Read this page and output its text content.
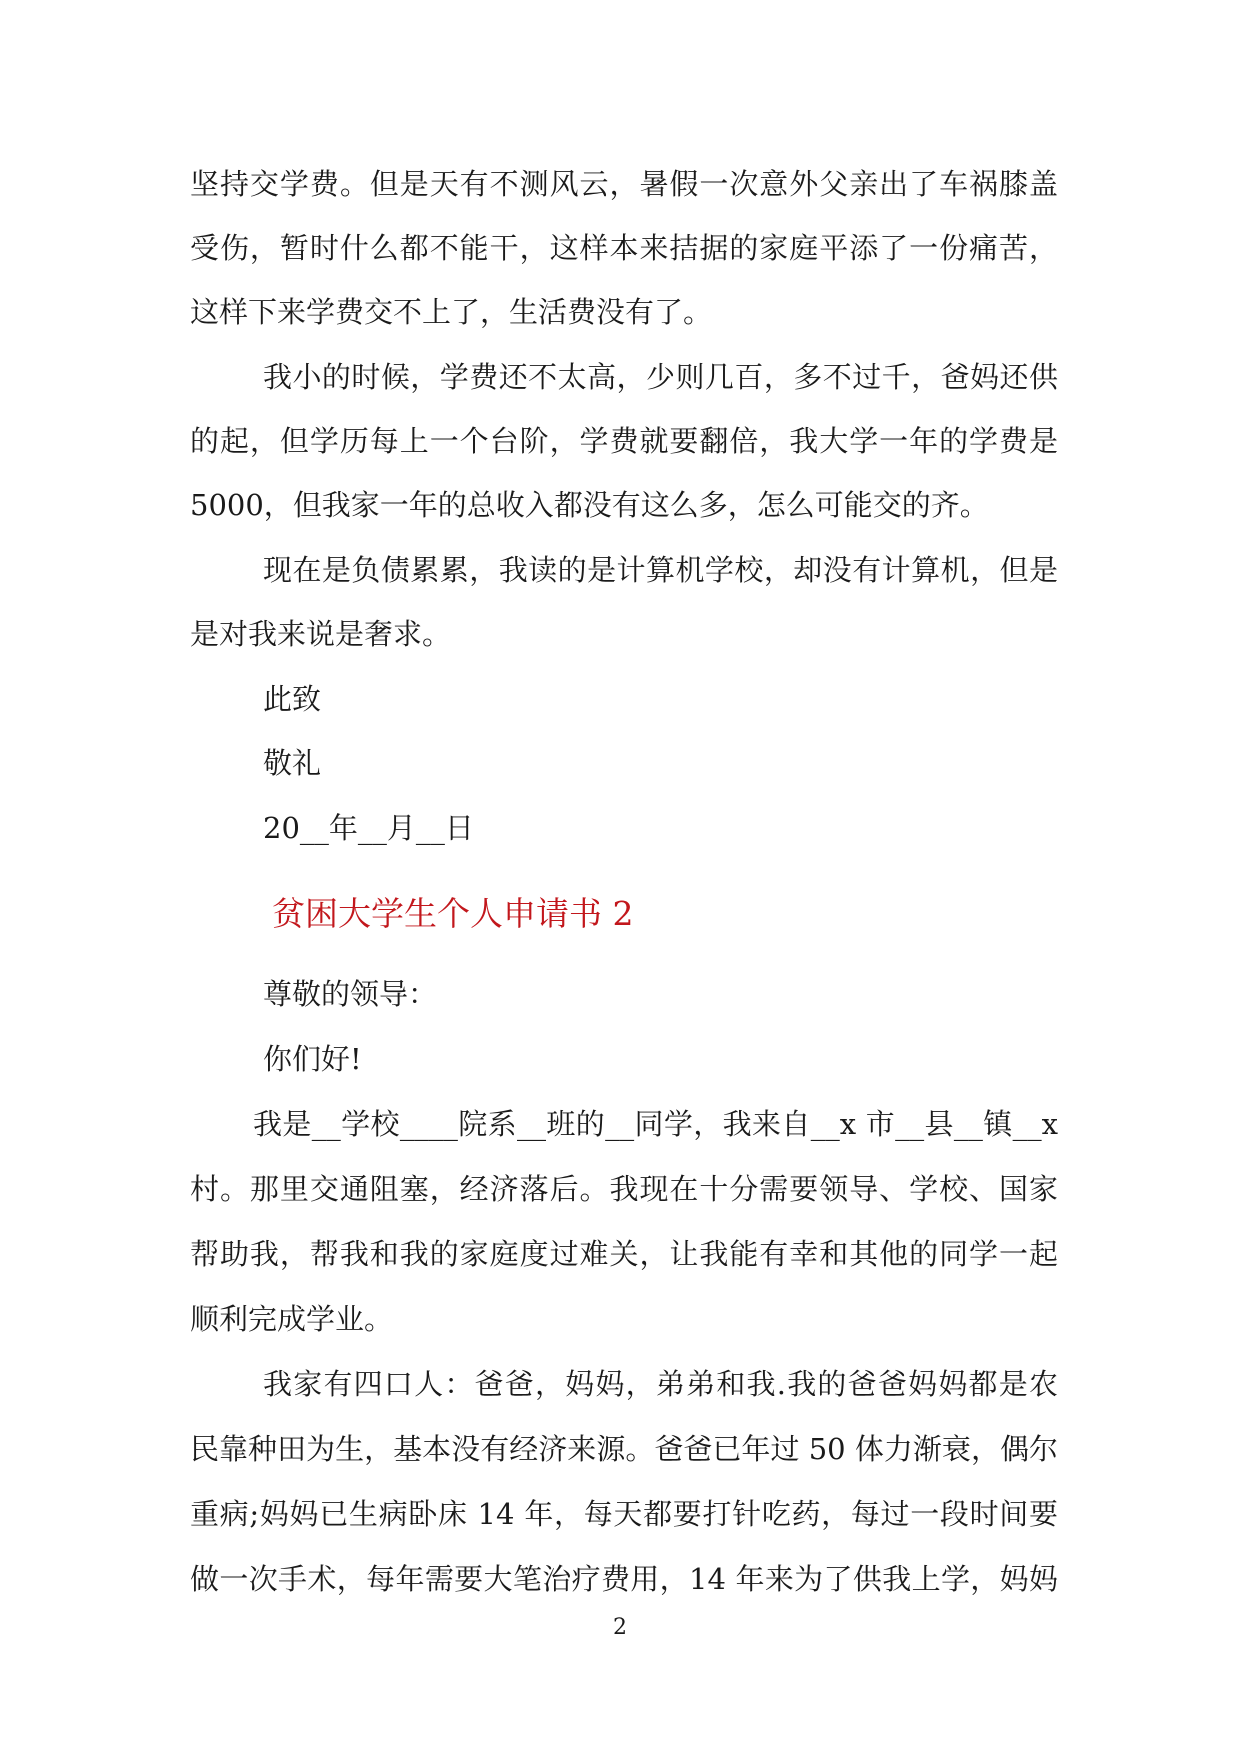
坚持交学费。但是天有不测风云，暑假一次意外父亲出了车祸膝盖
受伤，暂时什么都不能干，这样本来拮据的家庭平添了一份痛苦，
这样下来学费交不上了，生活费没有了。
我小的时候，学费还不太高，少则几百，多不过千，爸妈还供
的起，但学历每上一个台阶，学费就要翻倍，我大学一年的学费是
5000，但我家一年的总收入都没有这么多，怎么可能交的齐。
现在是负债累累，我读的是计算机学校，却没有计算机，但是
是对我来说是奢求。
此致
敬礼
20__年__月__日
贫困大学生个人申请书 2
尊敬的领导：
你们好!
我是__学校____院系__班的__同学，我来自__x 市__县__镇__x
村。那里交通阻塞，经济落后。我现在十分需要领导、学校、国家
帮助我，帮我和我的家庭度过难关，让我能有幸和其他的同学一起
顺利完成学业。
我家有四口人：爸爸，妈妈，弟弟和我.我的爸爸妈妈都是农
民靠种田为生，基本没有经济来源。爸爸已年过 50 体力渐衰，偶尔
重病;妈妈已生病卧床 14 年，每天都要打针吃药，每过一段时间要
做一次手术，每年需要大笔治疗费用，14 年来为了供我上学，妈妈
2
